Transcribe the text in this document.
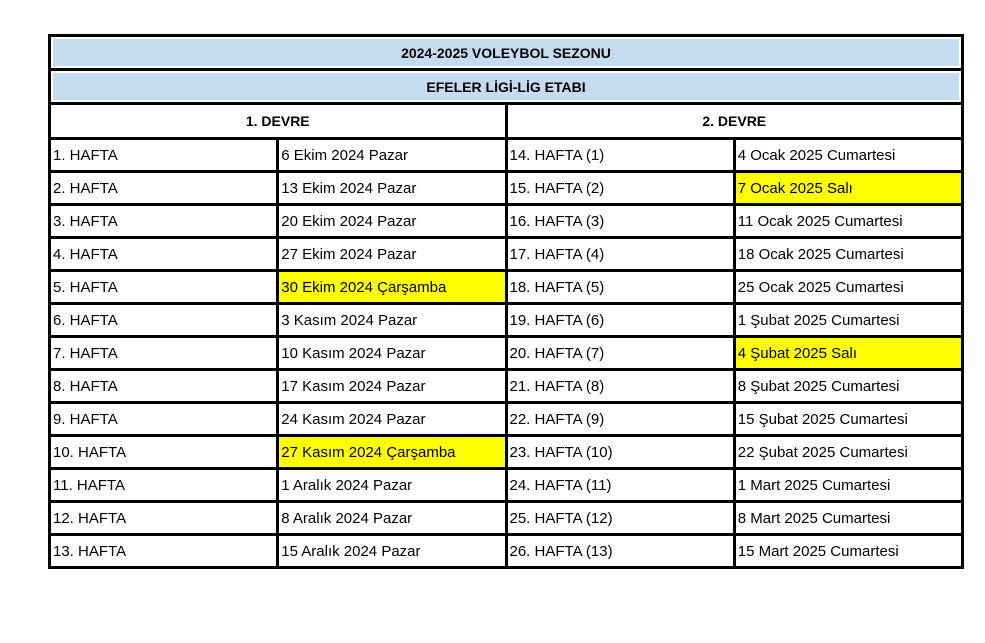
2024-2025 VOLEYBOL SEZONU			
EFELER LİGİ-LİG ETABI			
1. DEVRE		2. DEVRE	
1. HAFTA	6 Ekim 2024 Pazar	14. HAFTA (1)	4 Ocak 2025 Cumartesi
2. HAFTA	13 Ekim 2024 Pazar	15. HAFTA (2)	7 Ocak 2025 Salı
3. HAFTA	20 Ekim 2024 Pazar	16. HAFTA (3)	11 Ocak 2025 Cumartesi
4. HAFTA	27 Ekim 2024 Pazar	17. HAFTA (4)	18 Ocak 2025 Cumartesi
5. HAFTA	30 Ekim 2024 Çarşamba	18. HAFTA (5)	25 Ocak 2025 Cumartesi
6. HAFTA	3 Kasım 2024 Pazar	19. HAFTA (6)	1 Şubat 2025 Cumartesi
7. HAFTA	10 Kasım 2024 Pazar	20. HAFTA (7)	4 Şubat 2025 Salı
8. HAFTA	17 Kasım 2024 Pazar	21. HAFTA (8)	8 Şubat 2025 Cumartesi
9. HAFTA	24 Kasım 2024 Pazar	22. HAFTA (9)	15 Şubat 2025 Cumartesi
10. HAFTA	27 Kasım 2024 Çarşamba	23. HAFTA (10)	22 Şubat 2025 Cumartesi
11. HAFTA	1 Aralık 2024 Pazar	24. HAFTA (11)	1 Mart 2025 Cumartesi
12. HAFTA	8 Aralık 2024 Pazar	25. HAFTA (12)	8 Mart 2025 Cumartesi
13. HAFTA	15 Aralık 2024 Pazar	26. HAFTA (13)	15 Mart 2025 Cumartesi
